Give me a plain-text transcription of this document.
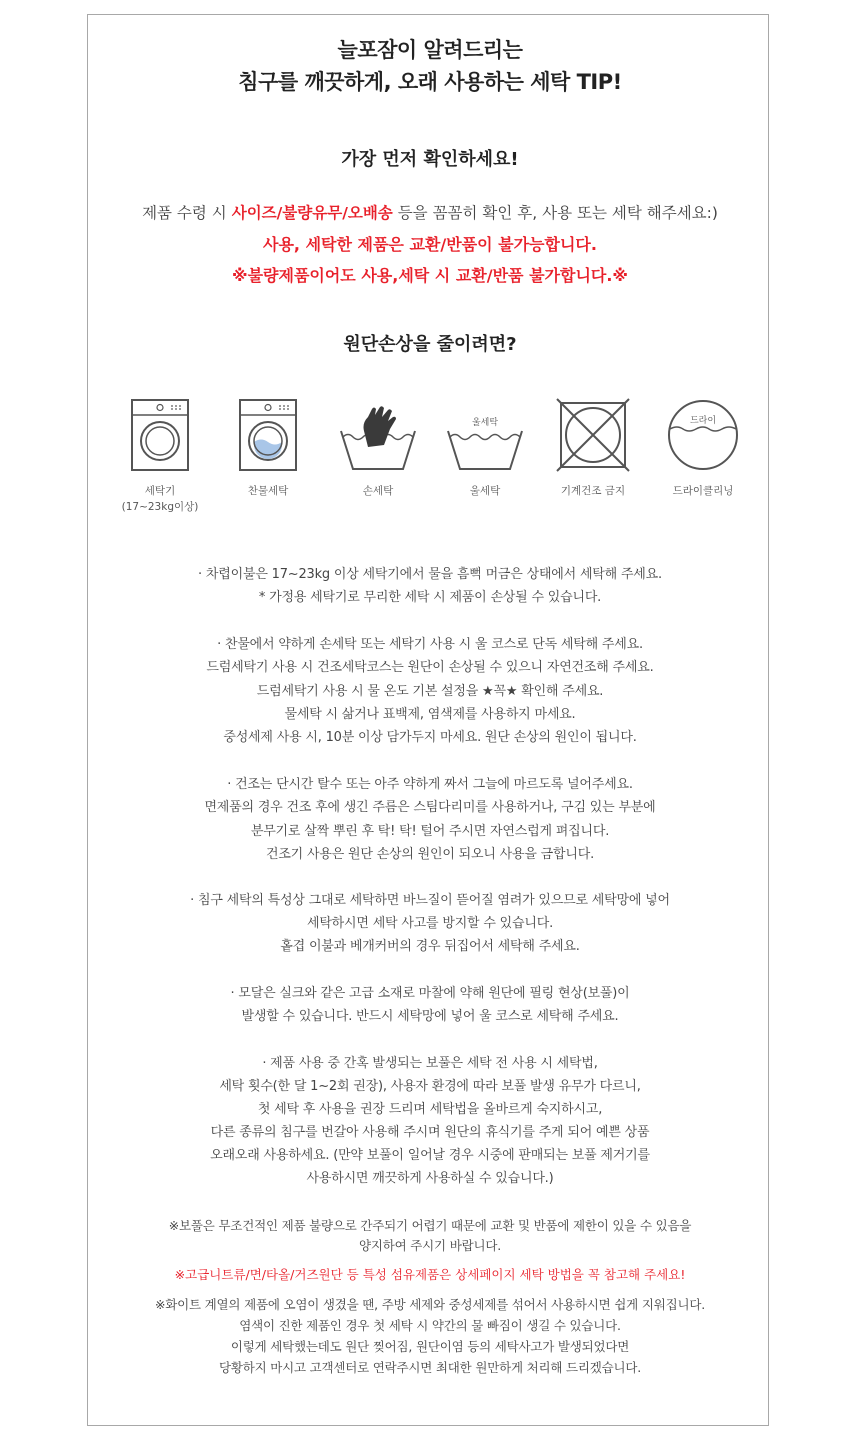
늘포잠이 알려드리는
침구를 깨끗하게, 오래 사용하는 세탁 TIP!
가장 먼저 확인하세요!
제품 수령 시 사이즈/불량유무/오배송 등을 꼼꼼히 확인 후, 사용 또는 세탁 해주세요:)
사용, 세탁한 제품은 교환/반품이 불가능합니다.
※불량제품이어도 사용,세탁 시 교환/반품 불가합니다.※
원단손상을 줄이려면?
세탁기
(17~23kg이상)
찬물세탁	손세탁
울세탁
울세탁	기계건조 금지
드라이
드라이클리닝
· 차렵이불은 17~23kg 이상 세탁기에서 물을 흠뻑 머금은 상태에서 세탁해 주세요.
* 가정용 세탁기로 무리한 세탁 시 제품이 손상될 수 있습니다.
· 찬물에서 약하게 손세탁 또는 세탁기 사용 시 울 코스로 단독 세탁해 주세요.
드럼세탁기 사용 시 건조세탁코스는 원단이 손상될 수 있으니 자연건조해 주세요.
드럼세탁기 사용 시 물 온도 기본 설정을 ★꼭★ 확인해 주세요.
물세탁 시 삶거나 표백제, 염색제를 사용하지 마세요.
중성세제 사용 시, 10분 이상 담가두지 마세요. 원단 손상의 원인이 됩니다.
· 건조는 단시간 탈수 또는 아주 약하게 짜서 그늘에 마르도록 널어주세요.
면제품의 경우 건조 후에 생긴 주름은 스팀다리미를 사용하거나, 구김 있는 부분에
분무기로 살짝 뿌린 후 탁! 탁! 털어 주시면 자연스럽게 펴집니다.
건조기 사용은 원단 손상의 원인이 되오니 사용을 금합니다.
· 침구 세탁의 특성상 그대로 세탁하면 바느질이 뜯어질 염려가 있으므로 세탁망에 넣어
세탁하시면 세탁 사고를 방지할 수 있습니다.
홑겹 이불과 베개커버의 경우 뒤집어서 세탁해 주세요.
· 모달은 실크와 같은 고급 소재로 마찰에 약해 원단에 필링 현상(보풀)이
발생할 수 있습니다. 반드시 세탁망에 넣어 울 코스로 세탁해 주세요.
· 제품 사용 중 간혹 발생되는 보풀은 세탁 전 사용 시 세탁법,
세탁 횟수(한 달 1~2회 권장), 사용자 환경에 따라 보풀 발생 유무가 다르니,
첫 세탁 후 사용을 권장 드리며 세탁법을 올바르게 숙지하시고,
다른 종류의 침구를 번갈아 사용해 주시며 원단의 휴식기를 주게 되어 예쁜 상품
오래오래 사용하세요. (만약 보풀이 일어날 경우 시중에 판매되는 보풀 제거기를
사용하시면 깨끗하게 사용하실 수 있습니다.)
※보풀은 무조건적인 제품 불량으로 간주되기 어렵기 때문에 교환 및 반품에 제한이 있을 수 있음을
양지하여 주시기 바랍니다.
※고급니트류/면/타올/거즈원단 등 특성 섬유제품은 상세페이지 세탁 방법을 꼭 참고해 주세요!
※화이트 계열의 제품에 오염이 생겼을 땐, 주방 세제와 중성세제를 섞어서 사용하시면 쉽게 지워집니다.
염색이 진한 제품인 경우 첫 세탁 시 약간의 물 빠짐이 생길 수 있습니다.
이렇게 세탁했는데도 원단 찢어짐, 원단이염 등의 세탁사고가 발생되었다면
당황하지 마시고 고객센터로 연락주시면 최대한 원만하게 처리해 드리겠습니다.
